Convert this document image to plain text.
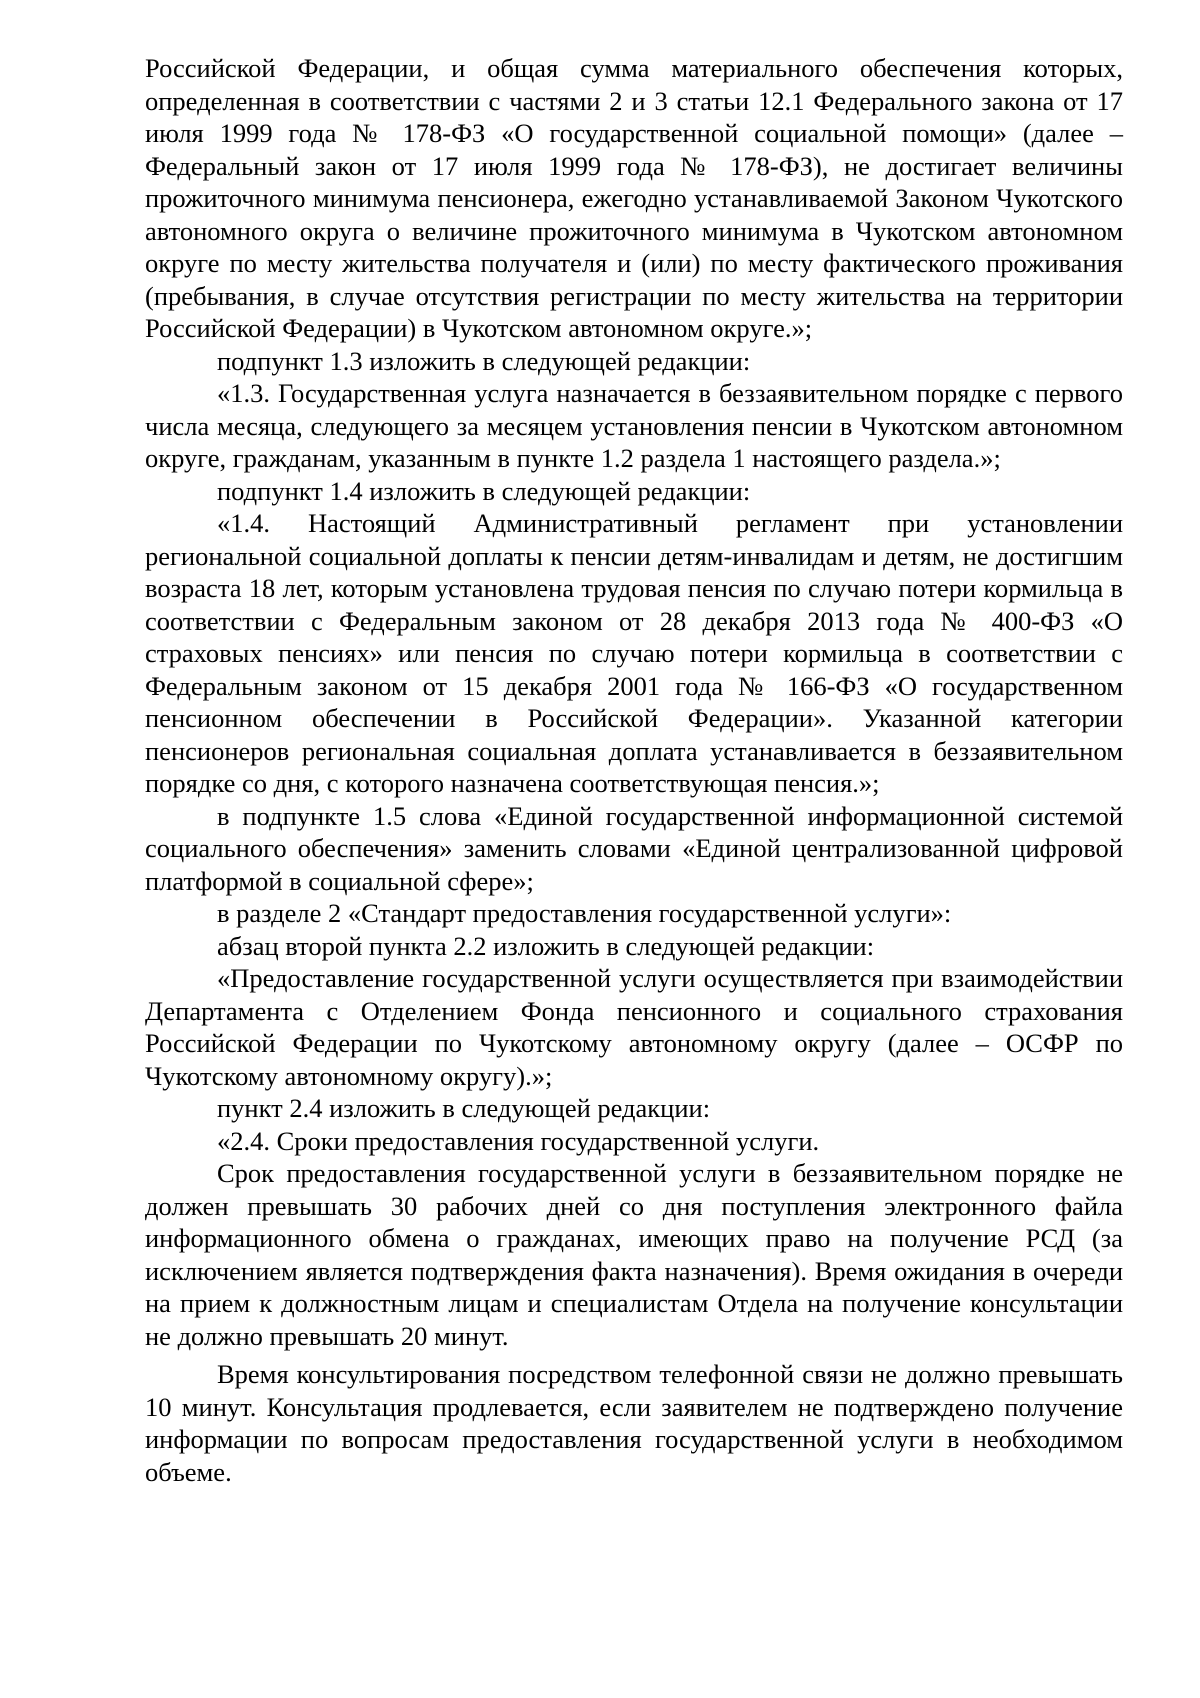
Российской Федерации, и общая сумма материального обеспечения которых, определенная в соответствии с частями 2 и 3 статьи 12.1 Федерального закона от 17 июля 1999 года № 178-ФЗ «О государственной социальной помощи» (далее – Федеральный закон от 17 июля 1999 года № 178-ФЗ), не достигает величины прожиточного минимума пенсионера, ежегодно устанавливаемой Законом Чукотского автономного округа о величине прожиточного минимума в Чукотском автономном округе по месту жительства получателя и (или) по месту фактического проживания (пребывания, в случае отсутствия регистрации по месту жительства на территории Российской Федерации) в Чукотском автономном округе.»;

подпункт 1.3 изложить в следующей редакции:

«1.3. Государственная услуга назначается в беззаявительном порядке с первого числа месяца, следующего за месяцем установления пенсии в Чукотском автономном округе, гражданам, указанным в пункте 1.2 раздела 1 настоящего раздела.»;

подпункт 1.4 изложить в следующей редакции:

«1.4. Настоящий Административный регламент при установлении региональной социальной доплаты к пенсии детям-инвалидам и детям, не достигшим возраста 18 лет, которым установлена трудовая пенсия по случаю потери кормильца в соответствии с Федеральным законом от 28 декабря 2013 года № 400-ФЗ «О страховых пенсиях» или пенсия по случаю потери кормильца в соответствии с Федеральным законом от 15 декабря 2001 года № 166-ФЗ «О государственном пенсионном обеспечении в Российской Федерации». Указанной категории пенсионеров региональная социальная доплата устанавливается в беззаявительном порядке со дня, с которого назначена соответствующая пенсия.»;

в подпункте 1.5 слова «Единой государственной информационной системой социального обеспечения» заменить словами «Единой централизованной цифровой платформой в социальной сфере»;

в разделе 2 «Стандарт предоставления государственной услуги»:

абзац второй пункта 2.2 изложить в следующей редакции:

«Предоставление государственной услуги осуществляется при взаимодействии Департамента с Отделением Фонда пенсионного и социального страхования Российской Федерации по Чукотскому автономному округу (далее – ОСФР по Чукотскому автономному округу).»;

пункт 2.4 изложить в следующей редакции:

«2.4. Сроки предоставления государственной услуги.

Срок предоставления государственной услуги в беззаявительном порядке не должен превышать 30 рабочих дней со дня поступления электронного файла информационного обмена о гражданах, имеющих право на получение РСД (за исключением является подтверждения факта назначения). Время ожидания в очереди на прием к должностным лицам и специалистам Отдела на получение консультации не должно превышать 20 минут.

Время консультирования посредством телефонной связи не должно превышать 10 минут. Консультация продлевается, если заявителем не подтверждено получение информации по вопросам предоставления государственной услуги в необходимом объеме.
